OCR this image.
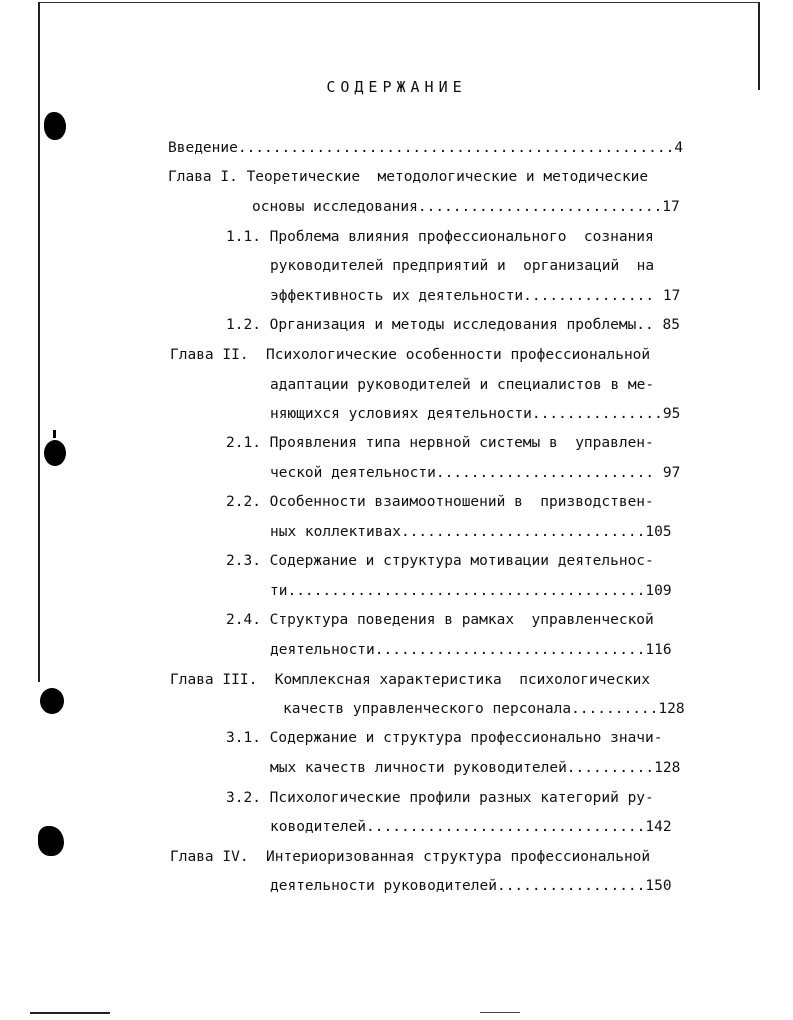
СОДЕРЖАНИЕ
Введение..................................................4
Глава I. Теоретические  методологические и методические
основы исследования............................17
1.1. Проблема влияния профессионального  сознания
руководителей предприятий и  организаций  на
эффективность их деятельности............... 17
1.2. Организация и методы исследования проблемы.. 85
Глава II.  Психологические особенности профессиональной
адаптации руководителей и специалистов в ме-
няющихся условиях деятельности...............95
2.1. Проявления типа нервной системы в  управлен-
ческой деятельности......................... 97
2.2. Особенности взаимоотношений в  призводствен-
ных коллективах............................105
2.3. Содержание и структура мотивации деятельнос-
ти.........................................109
2.4. Структура поведения в рамках  управленческой
деятельности...............................116
Глава III.  Комплексная характеристика  психологических
качеств управленческого персонала..........128
3.1. Содержание и структура профессионально значи-
мых качеств личности руководителей..........128
3.2. Психологические профили разных категорий ру-
ководителей................................142
Глава IV.  Интериоризованная структура профессиональной
деятельности руководителей.................150
